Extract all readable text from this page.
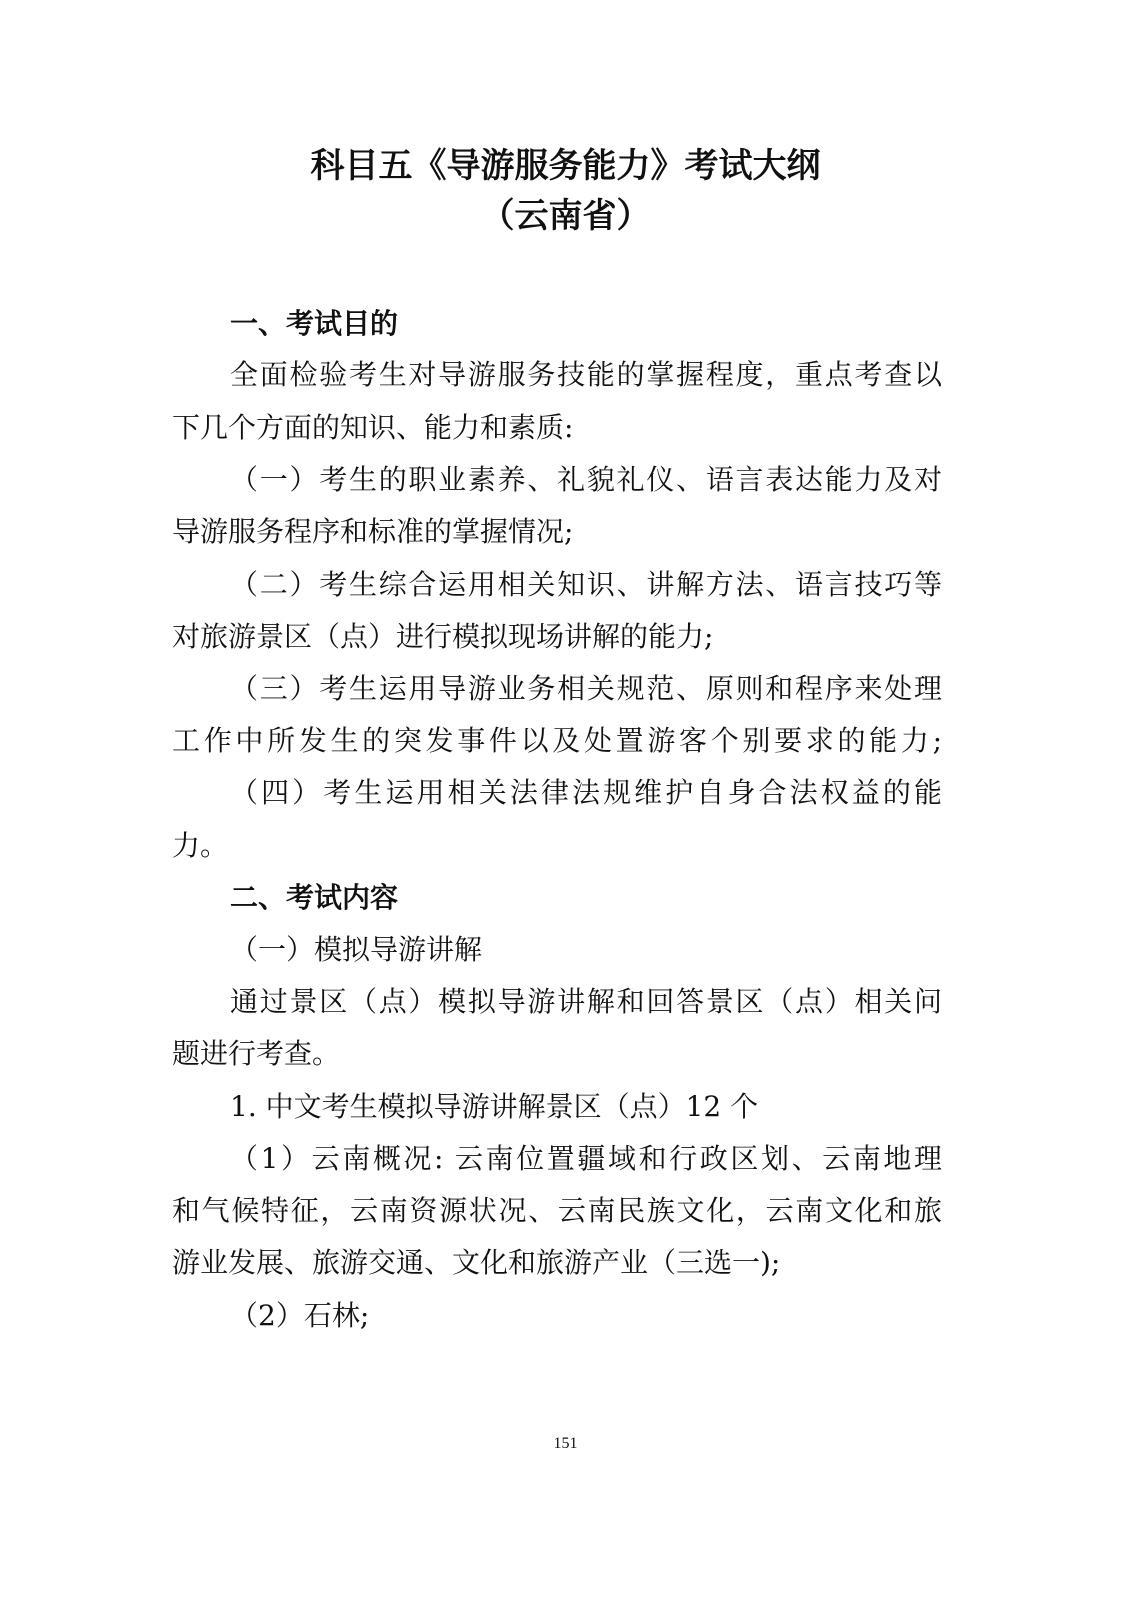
科目五《导游服务能力》考试大纲
（云南省）
一、考试目的

全面检验考生对导游服务技能的掌握程度，重点考查以

下几个方面的知识、能力和素质:

（一）考生的职业素养、礼貌礼仪、语言表达能力及对

导游服务程序和标准的掌握情况;

（二）考生综合运用相关知识、讲解方法、语言技巧等

对旅游景区（点）进行模拟现场讲解的能力;

（三）考生运用导游业务相关规范、原则和程序来处理

工作中所发生的突发事件以及处置游客个别要求的能力;

（四）考生运用相关法律法规维护自身合法权益的能

力。

二、考试内容

（一）模拟导游讲解

通过景区（点）模拟导游讲解和回答景区（点）相关问

题进行考查。

1. 中文考生模拟导游讲解景区（点）12 个

（1）云南概况: 云南位置疆域和行政区划、云南地理

和气候特征，云南资源状况、云南民族文化，云南文化和旅

游业发展、旅游交通、文化和旅游产业（三选一);

（2）石林;

151
